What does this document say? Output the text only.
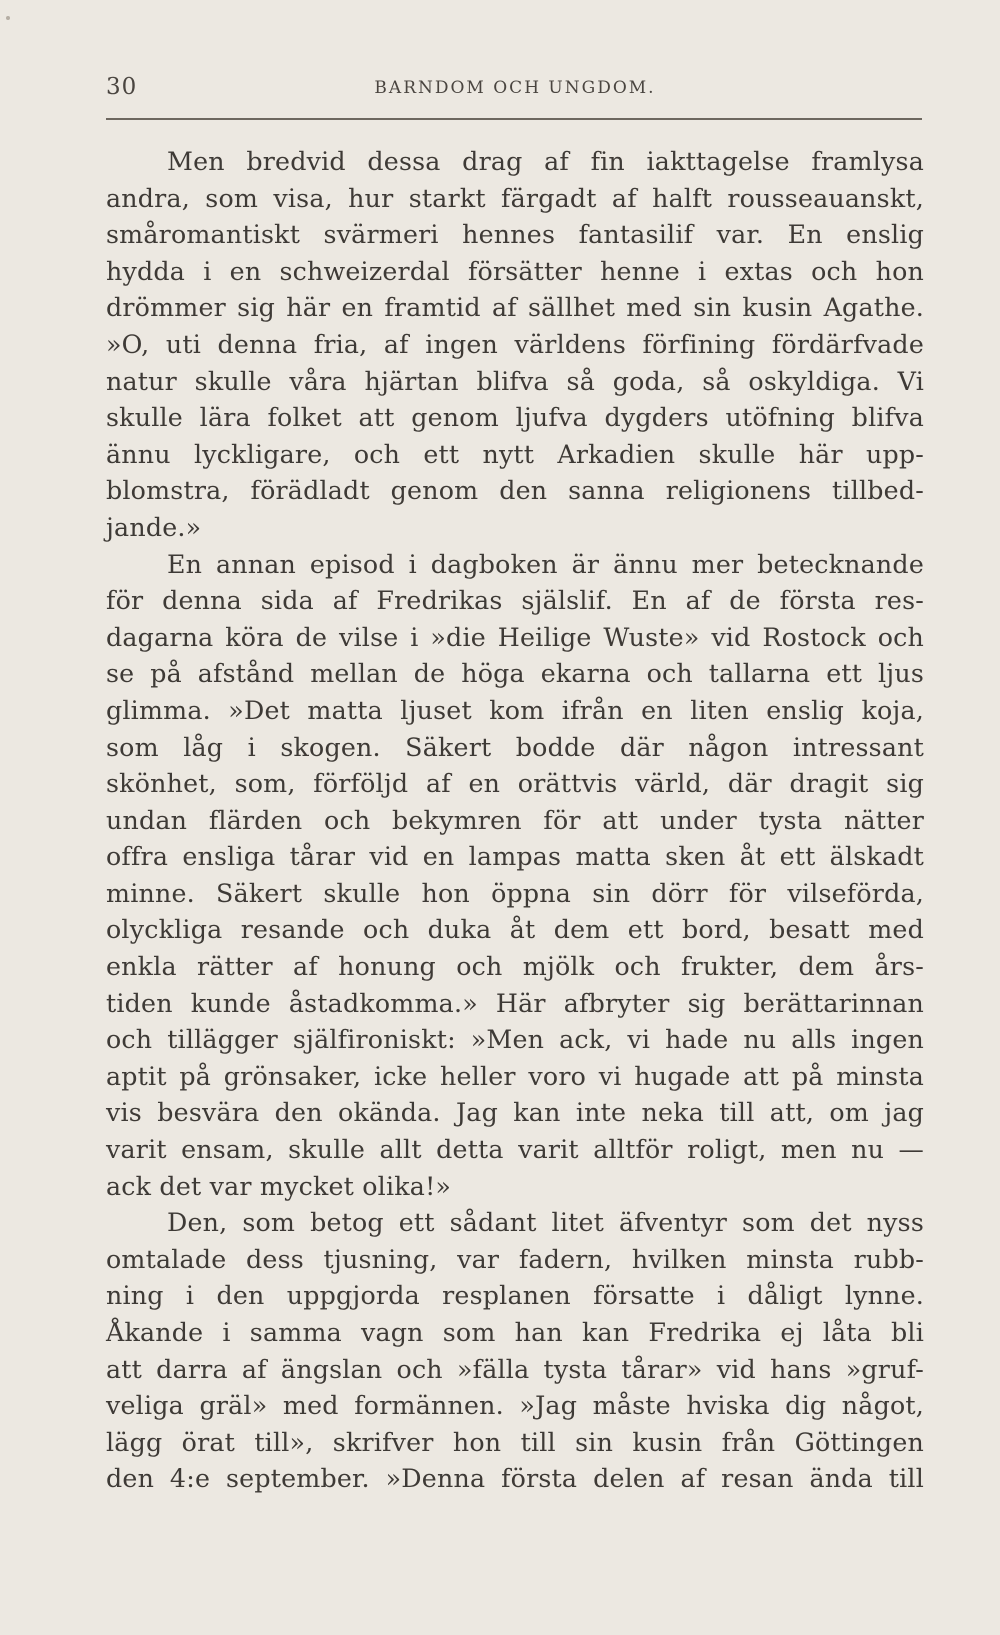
30	BARNDOM OCH UNGDOM.
Men bredvid dessa drag af fin iakttagelse framlysa
andra, som visa, hur starkt färgadt af halft rousseauanskt,
småromantiskt svärmeri hennes fantasilif var. En enslig
hydda i en schweizerdal försätter henne i extas och hon
drömmer sig här en framtid af sällhet med sin kusin Agathe.
»O, uti denna fria, af ingen världens förfining fördärfvade
natur skulle våra hjärtan blifva så goda, så oskyldiga. Vi
skulle lära folket att genom ljufva dygders utöfning blifva
ännu lyckligare, och ett nytt Arkadien skulle här upp-
blomstra, förädladt genom den sanna religionens tillbed-
jande.»
En annan episod i dagboken är ännu mer betecknande
för denna sida af Fredrikas själslif. En af de första res-
dagarna köra de vilse i »die Heilige Wuste» vid Rostock och
se på afstånd mellan de höga ekarna och tallarna ett ljus
glimma. »Det matta ljuset kom ifrån en liten enslig koja,
som låg i skogen. Säkert bodde där någon intressant
skönhet, som, förföljd af en orättvis värld, där dragit sig
undan flärden och bekymren för att under tysta nätter
offra ensliga tårar vid en lampas matta sken åt ett älskadt
minne. Säkert skulle hon öppna sin dörr för vilseförda,
olyckliga resande och duka åt dem ett bord, besatt med
enkla rätter af honung och mjölk och frukter, dem års-
tiden kunde åstadkomma.» Här afbryter sig berättarinnan
och tillägger själfironiskt: »Men ack, vi hade nu alls ingen
aptit på grönsaker, icke heller voro vi hugade att på minsta
vis besvära den okända. Jag kan inte neka till att, om jag
varit ensam, skulle allt detta varit alltför roligt, men nu —
ack det var mycket olika!»
Den, som betog ett sådant litet äfventyr som det nyss
omtalade dess tjusning, var fadern, hvilken minsta rubb-
ning i den uppgjorda resplanen försatte i dåligt lynne.
Åkande i samma vagn som han kan Fredrika ej låta bli
att darra af ängslan och »fälla tysta tårar» vid hans »gruf-
veliga gräl» med formännen. »Jag måste hviska dig något,
lägg örat till», skrifver hon till sin kusin från Göttingen
den 4:e september. »Denna första delen af resan ända till
